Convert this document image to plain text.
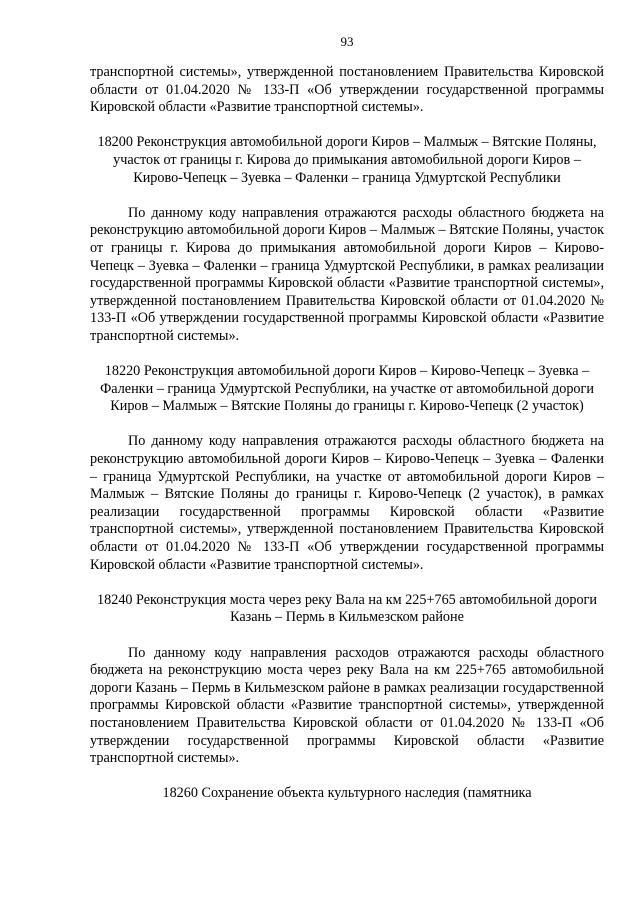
93

транспортной системы», утвержденной постановлением Правительства Кировской области от 01.04.2020 № 133-П «Об утверждении государственной программы Кировской области «Развитие транспортной системы».

18200 Реконструкция автомобильной дороги Киров – Малмыж – Вятские Поляны, участок от границы г. Кирова до примыкания автомобильной дороги Киров – Кирово-Чепецк – Зуевка – Фаленки – граница Удмуртской Республики

По данному коду направления отражаются расходы областного бюджета на реконструкцию автомобильной дороги Киров – Малмыж – Вятские Поляны, участок от границы г. Кирова до примыкания автомобильной дороги Киров – Кирово-Чепецк – Зуевка – Фаленки – граница Удмуртской Республики, в рамках реализации государственной программы Кировской области «Развитие транспортной системы», утвержденной постановлением Правительства Кировской области от 01.04.2020 № 133-П «Об утверждении государственной программы Кировской области «Развитие транспортной системы».

18220 Реконструкция автомобильной дороги Киров – Кирово-Чепецк – Зуевка – Фаленки – граница Удмуртской Республики, на участке от автомобильной дороги Киров – Малмыж – Вятские Поляны до границы г. Кирово-Чепецк (2 участок)

По данному коду направления отражаются расходы областного бюджета на реконструкцию автомобильной дороги Киров – Кирово-Чепецк – Зуевка – Фаленки – граница Удмуртской Республики, на участке от автомобильной дороги Киров – Малмыж – Вятские Поляны до границы г. Кирово-Чепецк (2 участок), в рамках реализации государственной программы Кировской области «Развитие транспортной системы», утвержденной постановлением Правительства Кировской области от 01.04.2020 № 133-П «Об утверждении государственной программы Кировской области «Развитие транспортной системы».

18240 Реконструкция моста через реку Вала на км 225+765 автомобильной дороги Казань – Пермь в Кильмезском районе

По данному коду направления расходов отражаются расходы областного бюджета на реконструкцию моста через реку Вала на км 225+765 автомобильной дороги Казань – Пермь в Кильмезском районе в рамках реализации государственной программы Кировской области «Развитие транспортной системы», утвержденной постановлением Правительства Кировской области от 01.04.2020 № 133-П «Об утверждении государственной программы Кировской области «Развитие транспортной системы».

18260 Сохранение объекта культурного наследия (памятника
